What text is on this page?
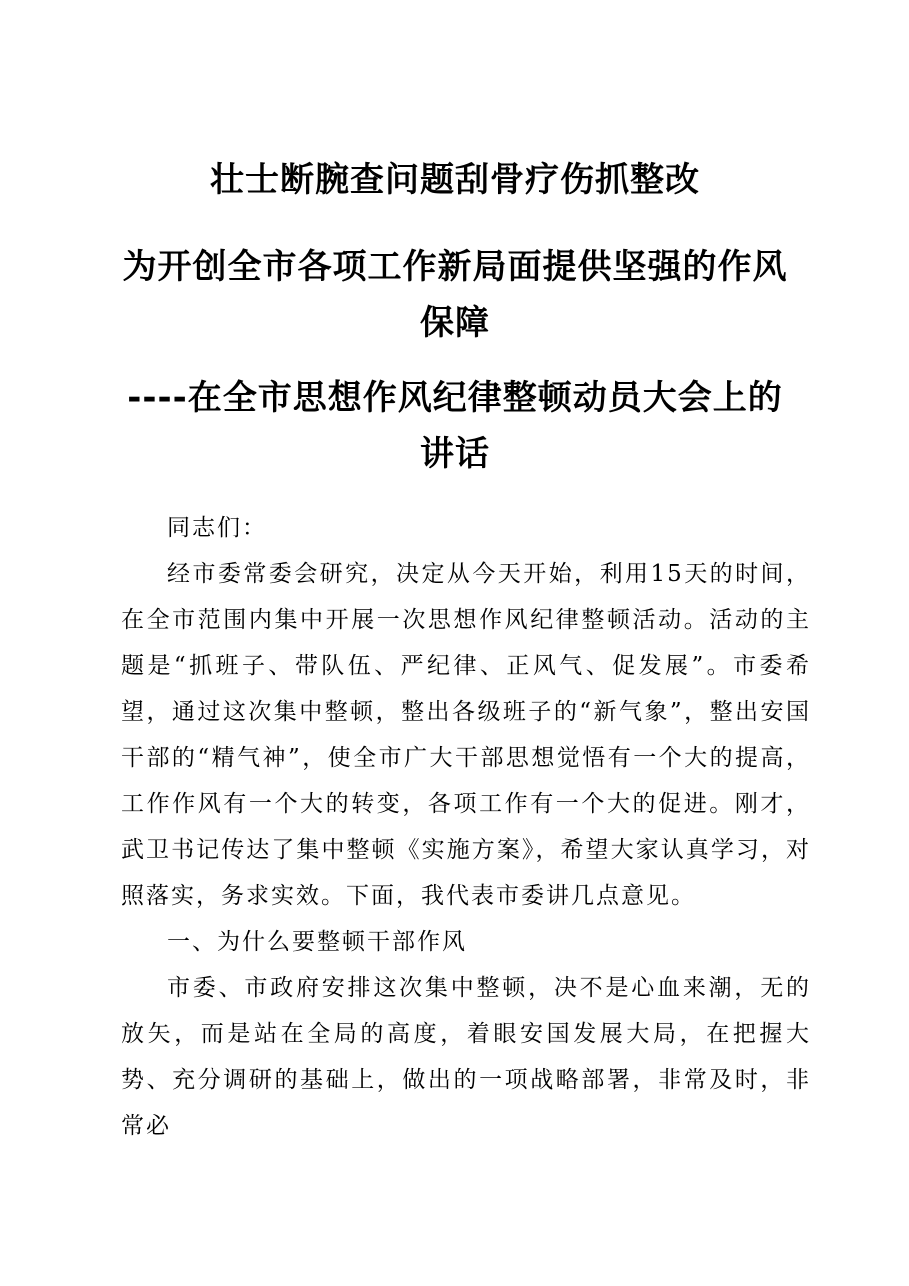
壮士断腕查问题刮骨疗伤抓整改
为开创全市各项工作新局面提供坚强的作风保障
----在全市思想作风纪律整顿动员大会上的讲话

同志们：

经市委常委会研究，决定从今天开始，利用15天的时间，在全市范围内集中开展一次思想作风纪律整顿活动。活动的主题是“抓班子、带队伍、严纪律、正风气、促发展”。市委希望，通过这次集中整顿，整出各级班子的“新气象”，整出安国干部的“精气神”，使全市广大干部思想觉悟有一个大的提高，工作作风有一个大的转变，各项工作有一个大的促进。刚才，武卫书记传达了集中整顿《实施方案》，希望大家认真学习，对照落实，务求实效。下面，我代表市委讲几点意见。

一、为什么要整顿干部作风

市委、市政府安排这次集中整顿，决不是心血来潮，无的放矢，而是站在全局的高度，着眼安国发展大局，在把握大势、充分调研的基础上，做出的一项战略部署，非常及时，非常必
